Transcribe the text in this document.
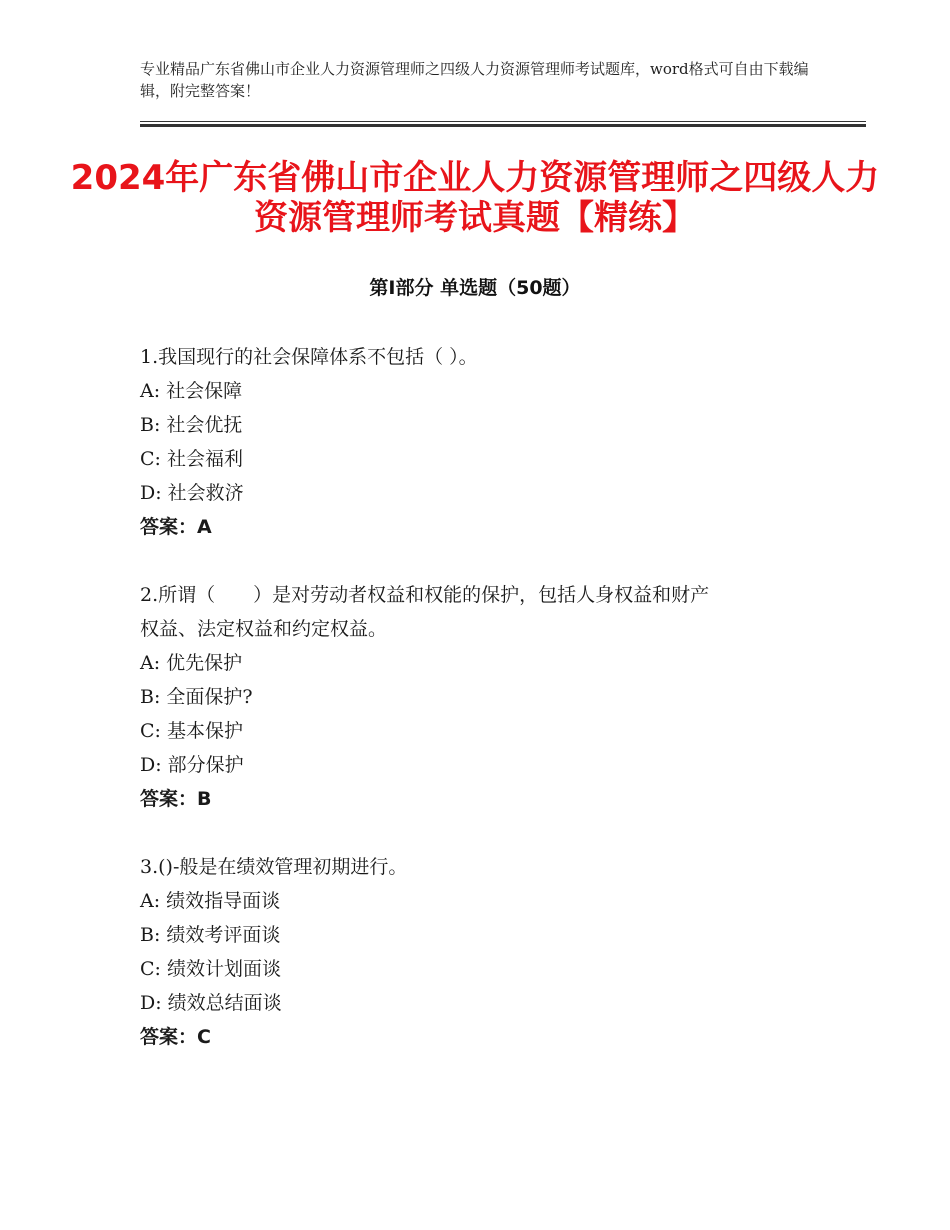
专业精品广东省佛山市企业人力资源管理师之四级人力资源管理师考试题库，word格式可自由下载编辑，附完整答案！
2024年广东省佛山市企业人力资源管理师之四级人力资源管理师考试真题【精练】
第Ⅰ部分 单选题（50题）
1.我国现行的社会保障体系不包括（ ）。
A: 社会保障
B: 社会优抚
C: 社会福利
D: 社会救济
答案：A
2.所谓（　　）是对劳动者权益和权能的保护，包括人身权益和财产
权益、法定权益和约定权益。
A: 优先保护
B: 全面保护?
C: 基本保护
D: 部分保护
答案：B
3.()-般是在绩效管理初期进行。
A: 绩效指导面谈
B: 绩效考评面谈
C: 绩效计划面谈
D: 绩效总结面谈
答案：C
